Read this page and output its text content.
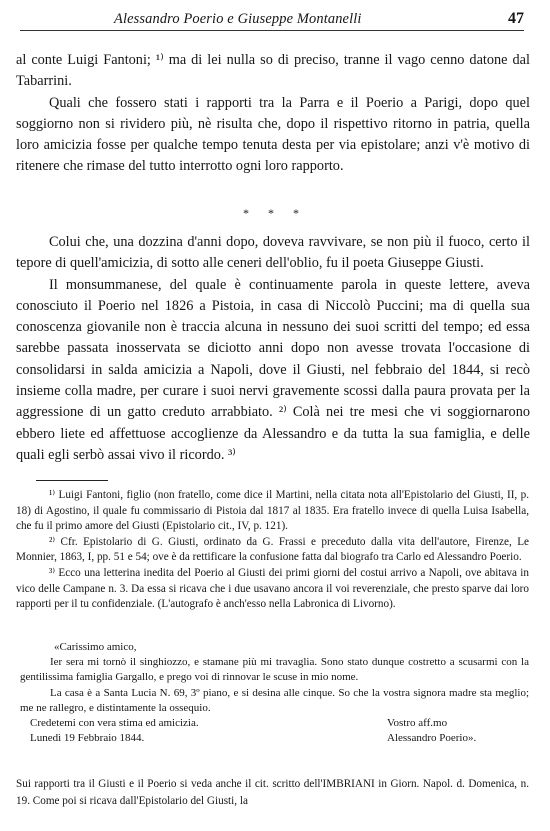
Alessandro Poerio e Giuseppe Montanelli	47

al conte Luigi Fantoni; ¹⁾ ma di lei nulla so di preciso, tranne il vago cenno datone dal Tabarrini.

Quali che fossero stati i rapporti tra la Parra e il Poerio a Parigi, dopo quel soggiorno non si rividero più, nè risulta che, dopo il rispettivo ritorno in patria, quella loro amicizia fosse per qualche tempo tenuta desta per via epistolare; anzi v'è motivo di ritenere che rimase del tutto interrotto ogni loro rapporto.

* * *

Colui che, una dozzina d'anni dopo, doveva ravvivare, se non più il fuoco, certo il tepore di quell'amicizia, di sotto alle ceneri dell'oblio, fu il poeta Giuseppe Giusti.

Il monsummanese, del quale è continuamente parola in queste lettere, aveva conosciuto il Poerio nel 1826 a Pistoia, in casa di Niccolò Puccini; ma di quella sua conoscenza giovanile non è traccia alcuna in nessuno dei suoi scritti del tempo; ed essa sarebbe passata inosservata se diciotto anni dopo non avesse trovata l'occasione di consolidarsi in salda amicizia a Napoli, dove il Giusti, nel febbraio del 1844, si recò insieme colla madre, per curare i suoi nervi gravemente scossi dalla paura provata per la aggressione di un gatto creduto arrabbiato. ²⁾ Colà nei tre mesi che vi soggiornarono ebbero liete ed affettuose accoglienze da Alessandro e da tutta la sua famiglia, e delle quali egli serbò assai vivo il ricordo. ³⁾

¹⁾ Luigi Fantoni, figlio (non fratello, come dice il Martini, nella citata nota all'Epistolario del Giusti, II, p. 18) di Agostino, il quale fu commissario di Pistoia dal 1817 al 1835. Era fratello invece di quella Luisa Isabella, che fu il primo amore del Giusti (Epistolario cit., IV, p. 121).

²⁾ Cfr. Epistolario di G. Giusti, ordinato da G. Frassi e preceduto dalla vita dell'autore, Firenze, Le Monnier, 1863, I, pp. 51 e 54; ove è da rettificare la confusione fatta dal biografo tra Carlo ed Alessandro Poerio.

³⁾ Ecco una letterina inedita del Poerio al Giusti dei primi giorni del costui arrivo a Napoli, ove abitava in vico delle Campane n. 3. Da essa si ricava che i due usavano ancora il voi reverenziale, che presto sparve dai loro rapporti per il tu confidenziale. (L'autografo è anch'esso nella Labronica di Livorno).

«Carissimo amico,

Ier sera mi tornò il singhiozzo, e stamane più mi travaglia. Sono stato dunque costretto a scusarmi con la gentilissima famiglia Gargallo, e prego voi di rinnovar le scuse in mio nome.

La casa è a Santa Lucia N. 69, 3º piano, e si desina alle cinque. So che la vostra signora madre sta meglio; me ne rallegro, e distintamente la ossequio.

Credetemi con vera stima ed amicizia.	Vostro aff.mo
Lunedì 19 Febbraio 1844.	Alessandro Poerio».
Sui rapporti tra il Giusti e il Poerio si veda anche il cit. scritto dell'IMBRIANI in Giorn. Napol. d. Domenica, n. 19. Come poi si ricava dall'Epistolario del Giusti, la
